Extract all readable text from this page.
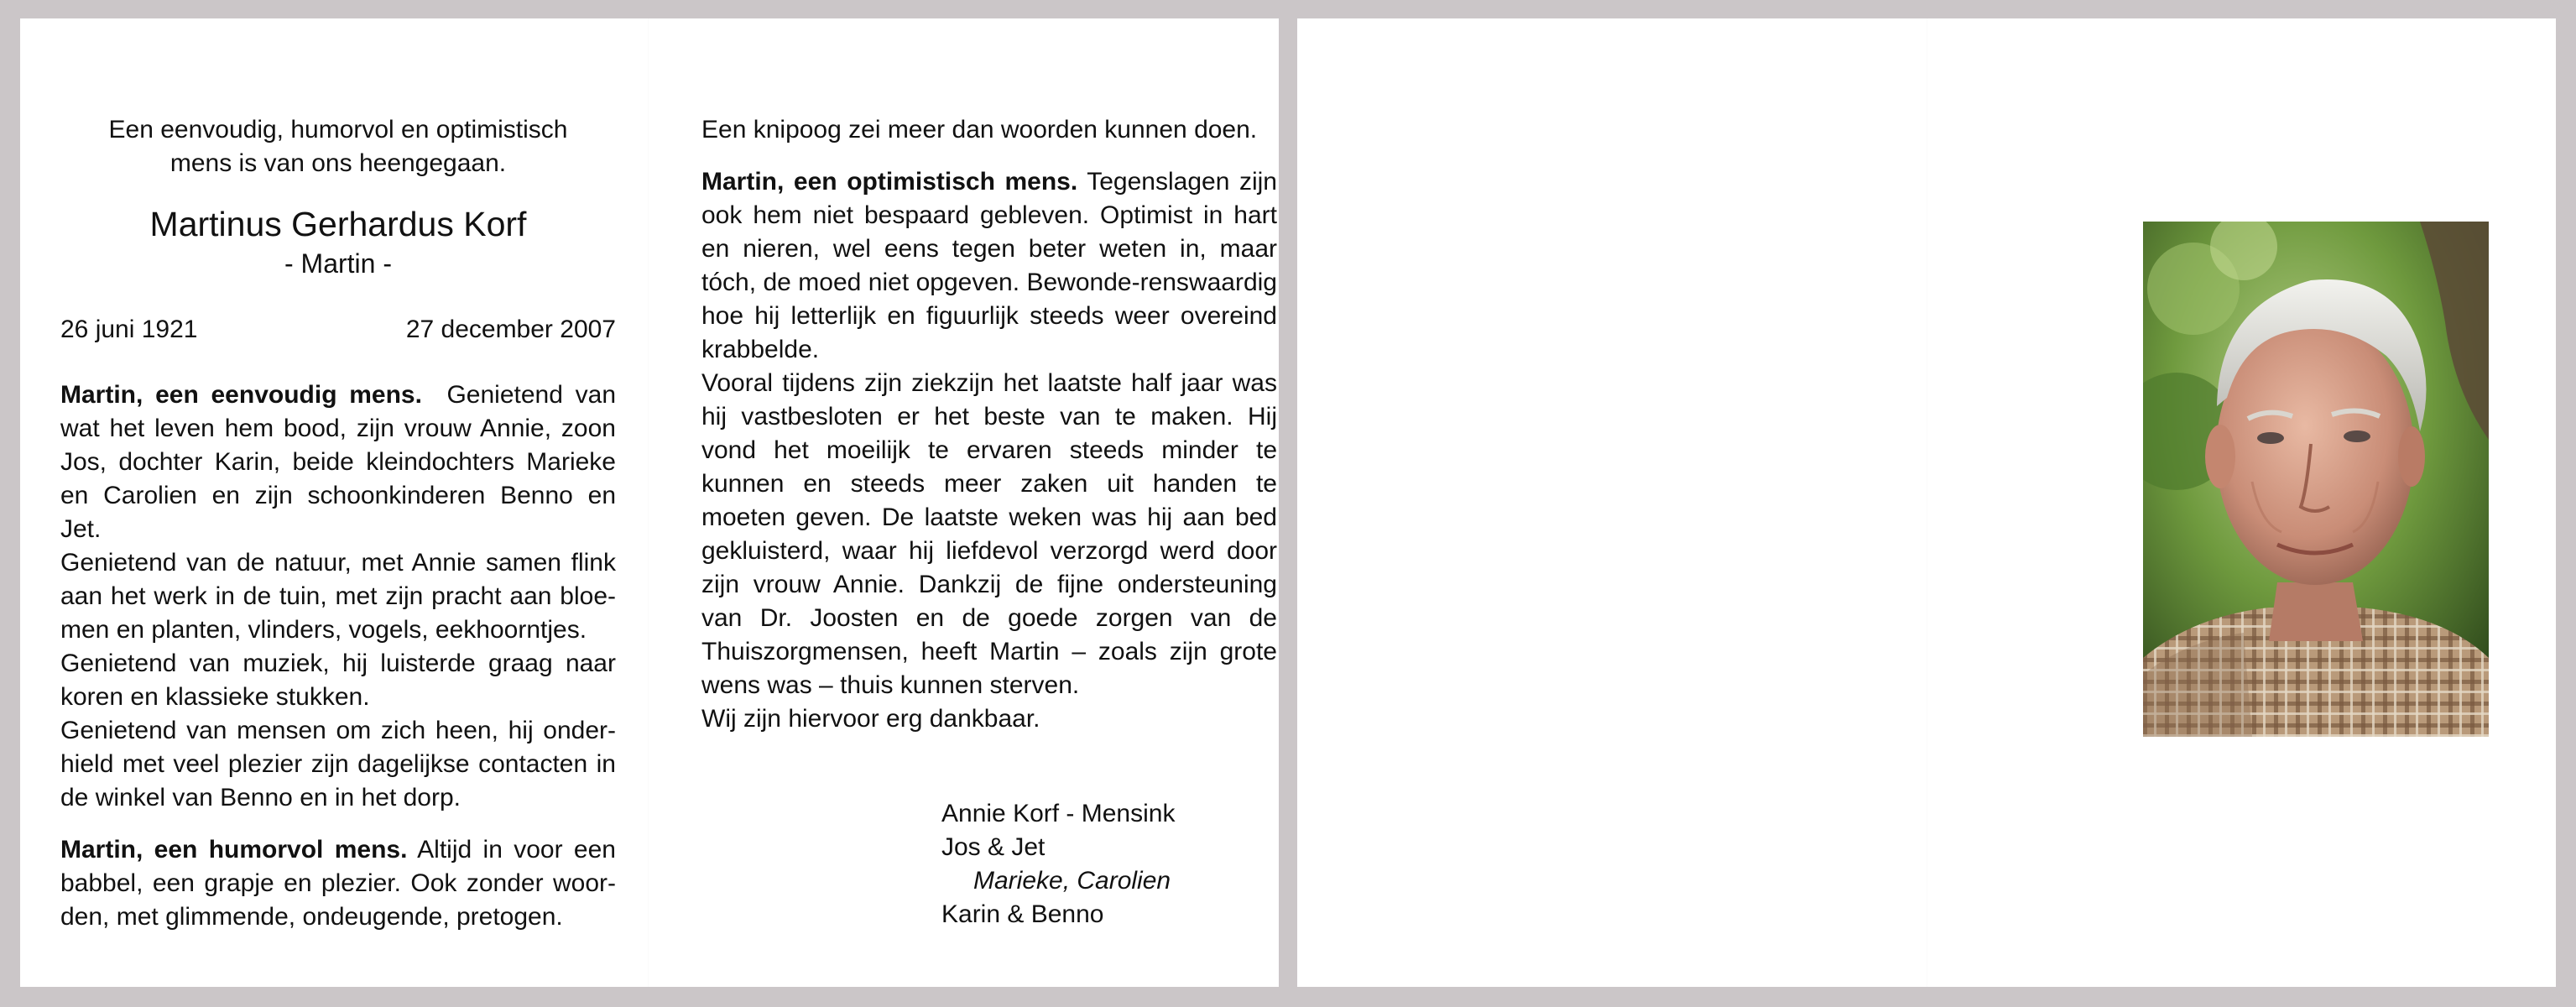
Een eenvoudig, humorvol en optimistisch
mens is van ons heengegaan.
Martinus Gerhardus Korf
- Martin -
26 juni 1921	27 december 2007

Martin, een eenvoudig mens. Genietend van wat het leven hem bood, zijn vrouw Annie, zoon Jos, dochter Karin, beide kleindochters Marieke en Carolien en zijn schoonkinderen Benno en Jet.

Genietend van de natuur, met Annie samen flink aan het werk in de tuin, met zijn pracht aan bloe-men en planten, vlinders, vogels, eekhoorntjes.

Genietend van muziek, hij luisterde graag naar koren en klassieke stukken.

Genietend van mensen om zich heen, hij onder-hield met veel plezier zijn dagelijkse contacten in de winkel van Benno en in het dorp.

Martin, een humorvol mens. Altijd in voor een babbel, een grapje en plezier. Ook zonder woor-den, met glimmende, ondeugende, pretogen.

Een knipoog zei meer dan woorden kunnen doen.

Martin, een optimistisch mens. Tegenslagen zijn ook hem niet bespaard gebleven. Optimist in hart en nieren, wel eens tegen beter weten in, maar tóch, de moed niet opgeven. Bewonde-renswaardig hoe hij letterlijk en figuurlijk steeds weer overeind krabbelde.

Vooral tijdens zijn ziekzijn het laatste half jaar was hij vastbesloten er het beste van te maken. Hij vond het moeilijk te ervaren steeds minder te kunnen en steeds meer zaken uit handen te moeten geven. De laatste weken was hij aan bed gekluisterd, waar hij liefdevol verzorgd werd door zijn vrouw Annie. Dankzij de fijne ondersteuning van Dr. Joosten en de goede zorgen van de Thuiszorgmensen, heeft Martin – zoals zijn grote wens was – thuis kunnen sterven.

Wij zijn hiervoor erg dankbaar.

Annie Korf - Mensink
Jos & Jet
Marieke, Carolien
Karin & Benno
